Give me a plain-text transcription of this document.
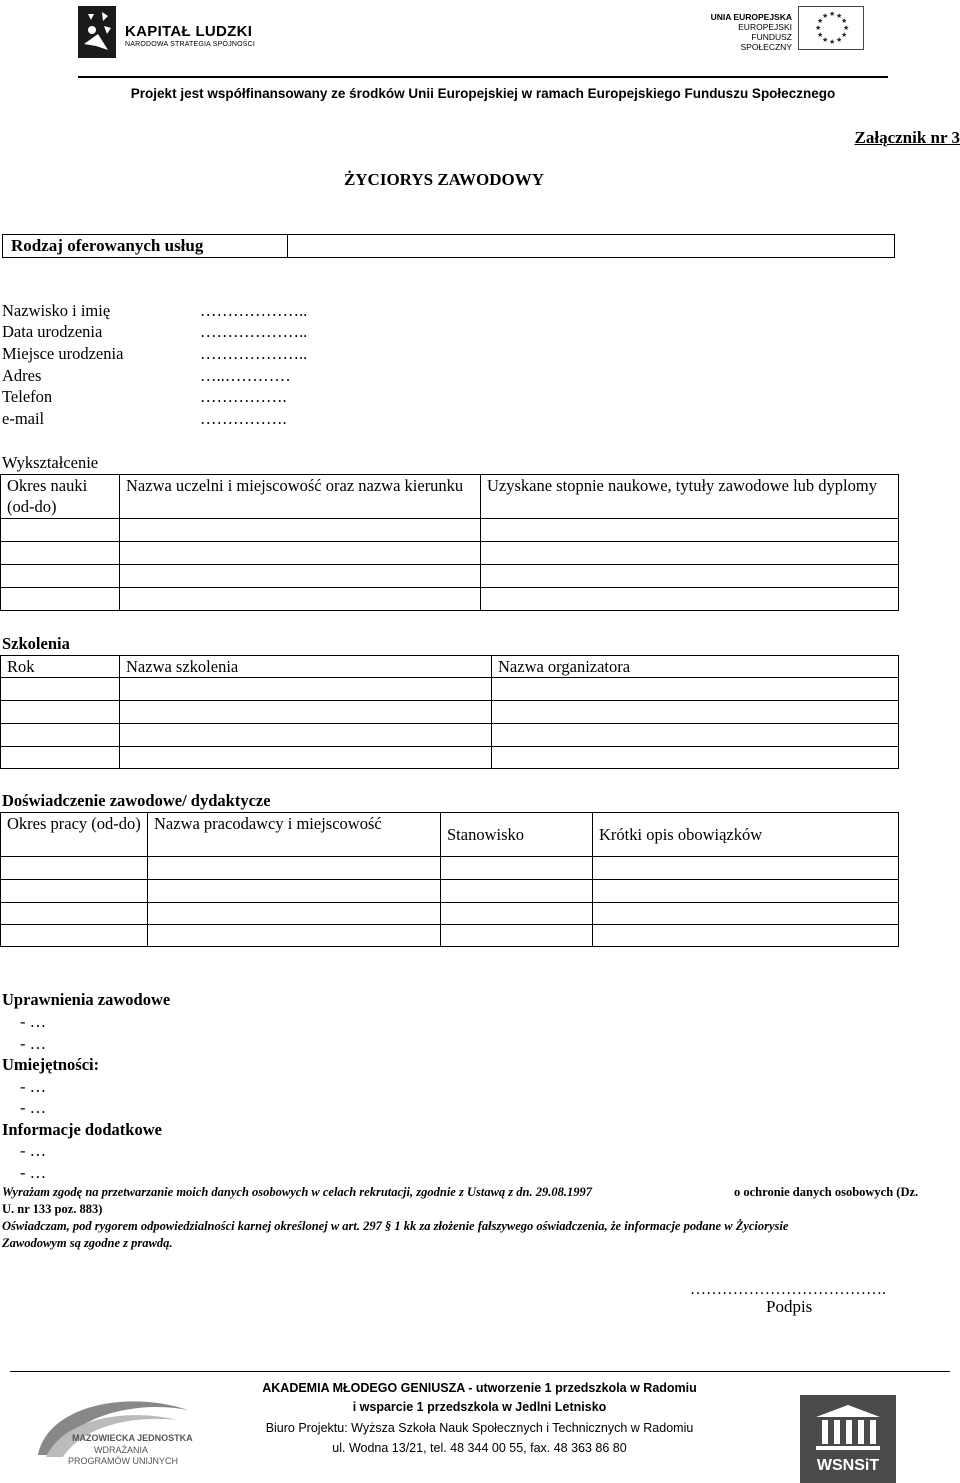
KAPITAŁ LUDZKI
NARODOWA STRATEGIA SPÓJNOŚCI
UNIA EUROPEJSKA
EUROPEJSKI
FUNDUSZ SPOŁECZNY
★ ★
★
★
★
★
★
★
★
★
★
★
Projekt jest współfinansowany ze środków Unii Europejskiej w ramach Europejskiego Funduszu Społecznego
Załącznik nr 3
ŻYCIORYS ZAWODOWY
Rodzaj oferowanych usług
Nazwisko i imię	………………..
Data urodzenia	………………..
Miejsce urodzenia	………………..
Adres	…..…………
Telefon	…………….
e-mail	…………….
Wykształcenie
Okres nauki (od-do)	Nazwa uczelni i miejscowość oraz nazwa kierunku	Uzyskane stopnie naukowe, tytuły zawodowe lub dyplomy

Szkolenia
Rok	Nazwa szkolenia	Nazwa organizatora

Doświadczenie zawodowe/ dydaktycze
Okres pracy (od-do)	Nazwa pracodawcy i miejscowość	Stanowisko	Krótki opis obowiązków

Uprawnienia zawodowe
- …
- …
Umiejętności:
- …
- …
Informacje dodatkowe
- …
- …
Wyrażam zgodę na przetwarzanie moich danych osobowych w celach rekrutacji, zgodnie z Ustawą z dn. 29.08.1997	o ochronie danych osobowych (Dz.
U. nr 133 poz. 883)
Oświadczam, pod rygorem odpowiedzialności karnej określonej w art. 297 § 1 kk za złożenie fałszywego oświadczenia, że informacje podane w Życiorysie
Zawodowym są zgodne z prawdą.
……………………………….
Podpis
MAZOWIECKA JEDNOSTKA
WDRAŻANIA
PROGRAMÓW UNIJNYCH
AKADEMIA MŁODEGO GENIUSZA - utworzenie 1 przedszkola w Radomiu
i wsparcie 1 przedszkola w Jedlni Letnisko
Biuro Projektu: Wyższa Szkoła Nauk Społecznych i Technicznych w Radomiu
ul. Wodna 13/21, tel. 48 344 00 55, fax. 48 363 86 80
WSNSiT
